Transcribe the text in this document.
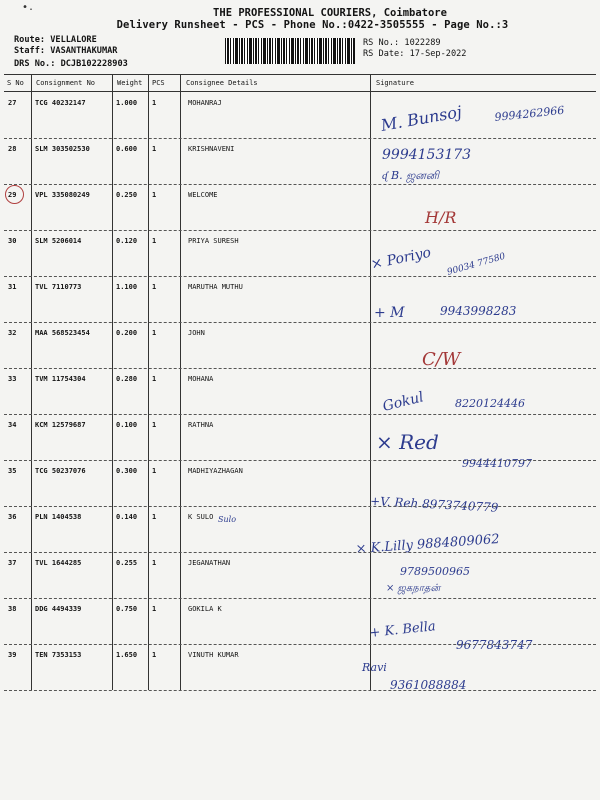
•.	THE PROFESSIONAL COURIERS, Coimbatore
Delivery Runsheet - PCS - Phone No.:0422-3505555 - Page No.:3
Route: VELLALORE
Staff: VASANTHAKUMAR
DRS No.: DCJB102228903
RS No.: 1022289
RS Date: 17-Sep-2022
S No Consignment No	Weight PCS	Consignee Details	Signature
27	TCG 40232147	1.000 1	MOHANRAJ	M. Bunsoj	9994262966
28	SLM 303502530	0.600 1	KRISHNAVENI	9994153173
ᶑ B. ஜனனி
29	VPL 335080249	0.250 1	WELCOME
H/R
30	SLM 5206014	0.120 1	PRIYA SURESH
× Poriyo 90034 77580
31	TVL 7110773	1.100 1	MARUTHA MUTHU
+ M	9943998283
32	MAA 568523454	0.200 1	JOHN
C/W
33	TVM 11754304	0.280 1	MOHANA
Gokul	8220124446
34	KCM 12579687	0.100 1	RATHNA
× Red
9944410797
35	TCG 50237076	0.300 1	MADHIYAZHAGAN
+V. Reh 8973740779
36	PLN 1404538	0.140 1	K SULO Sulo
× K.Lilly 9884809062
37	TVL 1644285	0.255 1	JEGANATHAN
9789500965
× ஜகநாதன்
38	DDG 4494339	0.750 1	GOKILA K
+ K. Bella
9677843747
39	TEN 7353153	1.650 1	VINUTH KUMAR
Ravi
9361088884
